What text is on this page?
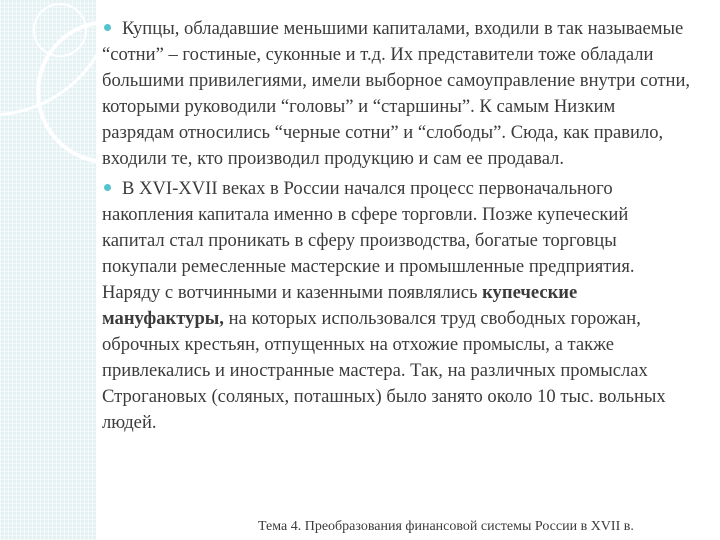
Купцы, обладавшие меньшими капиталами, входили в так называемые “сотни” – гостиные, суконные и т.д. Их представители тоже обладали большими привилегиями, имели выборное самоуправление внутри сотни, которыми руководили “головы” и “старшины”. К самым Низким разрядам относились “черные сотни” и “слободы”. Сюда, как правило, входили те, кто производил продукцию и сам ее продавал.

В XVI-XVII веках в России начался процесс первоначального накопления капитала именно в сфере торговли. Позже купеческий капитал стал проникать в сферу производства, богатые торговцы покупали ремесленные мастерские и промышленные предприятия. Наряду с вотчинными и казенными появлялись купеческие мануфактуры, на которых использовался труд свободных горожан, оброчных крестьян, отпущенных на отхожие промыслы, а также привлекались и иностранные мастера. Так, на различных промыслах Строгановых (соляных, поташных) было занято около 10 тыс. вольных людей.

Тема 4. Преобразования финансовой системы России в XVII в.
